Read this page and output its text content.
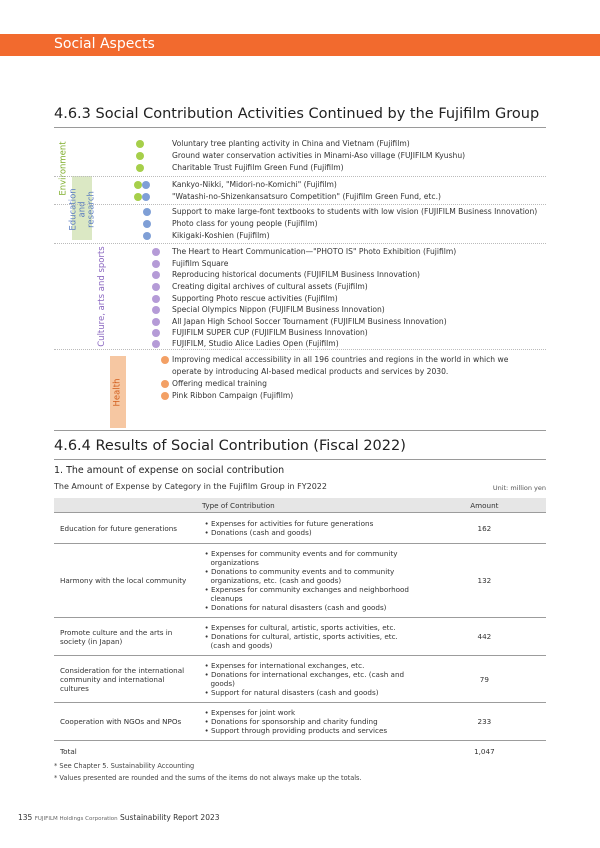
Social Aspects
4.6.3 Social Contribution Activities Continued by the Fujifilm Group
Environment
Education and research
Culture, arts and sports
Health
Voluntary tree planting activity in China and Vietnam (Fujifilm)
Ground water conservation activities in Minami-Aso village (FUJIFILM Kyushu)
Charitable Trust Fujifilm Green Fund (Fujifilm)
Kankyo-Nikki, "Midori-no-Komichi" (Fujifilm)
"Watashi-no-Shizenkansatsuro Competition" (Fujifilm Green Fund, etc.)
Support to make large-font textbooks to students with low vision (FUJIFILM Business Innovation)
Photo class for young people (Fujifilm)
Kikigaki-Koshien (Fujifilm)
The Heart to Heart Communication—"PHOTO IS" Photo Exhibition (Fujifilm)
Fujifilm Square
Reproducing historical documents (FUJIFILM Business Innovation)
Creating digital archives of cultural assets (Fujifilm)
Supporting Photo rescue activities (Fujifilm)
Special Olympics Nippon (FUJIFILM Business Innovation)
All Japan High School Soccer Tournament (FUJIFILM Business Innovation)
FUJIFILM SUPER CUP (FUJIFILM Business Innovation)
FUJIFILM, Studio Alice Ladies Open (Fujifilm)
Improving medical accessibility in all 196 countries and regions in the world in which we
operate by introducing AI-based medical products and services by 2030.
Offering medical training
Pink Ribbon Campaign (Fujifilm)
4.6.4 Results of Social Contribution (Fiscal 2022)
1. The amount of expense on social contribution
The Amount of Expense by Category in the Fujifilm Group in FY2022	Unit: million yen
Type of Contribution		Amount
Education for future generations	• Expenses for activities for future generations
• Donations (cash and goods)	162
Harmony with the local community	• Expenses for community events and for community organizations
• Donations to community events and to community organizations, etc. (cash and goods)
• Expenses for community exchanges and neighborhood cleanups
• Donations for natural disasters (cash and goods)	132
Promote culture and the arts in society (in Japan)	• Expenses for cultural, artistic, sports activities, etc.
• Donations for cultural, artistic, sports activities, etc. (cash and goods)	442
Consideration for the international community and international cultures	• Expenses for international exchanges, etc.
• Donations for international exchanges, etc. (cash and goods)
• Support for natural disasters (cash and goods)	79
Cooperation with NGOs and NPOs	• Expenses for joint work
• Donations for sponsorship and charity funding
• Support through providing products and services	233
Total		1,047
* See Chapter 5. Sustainability Accounting
* Values presented are rounded and the sums of the items do not always make up the totals.
135 FUJIFILM Holdings Corporation Sustainability Report 2023
